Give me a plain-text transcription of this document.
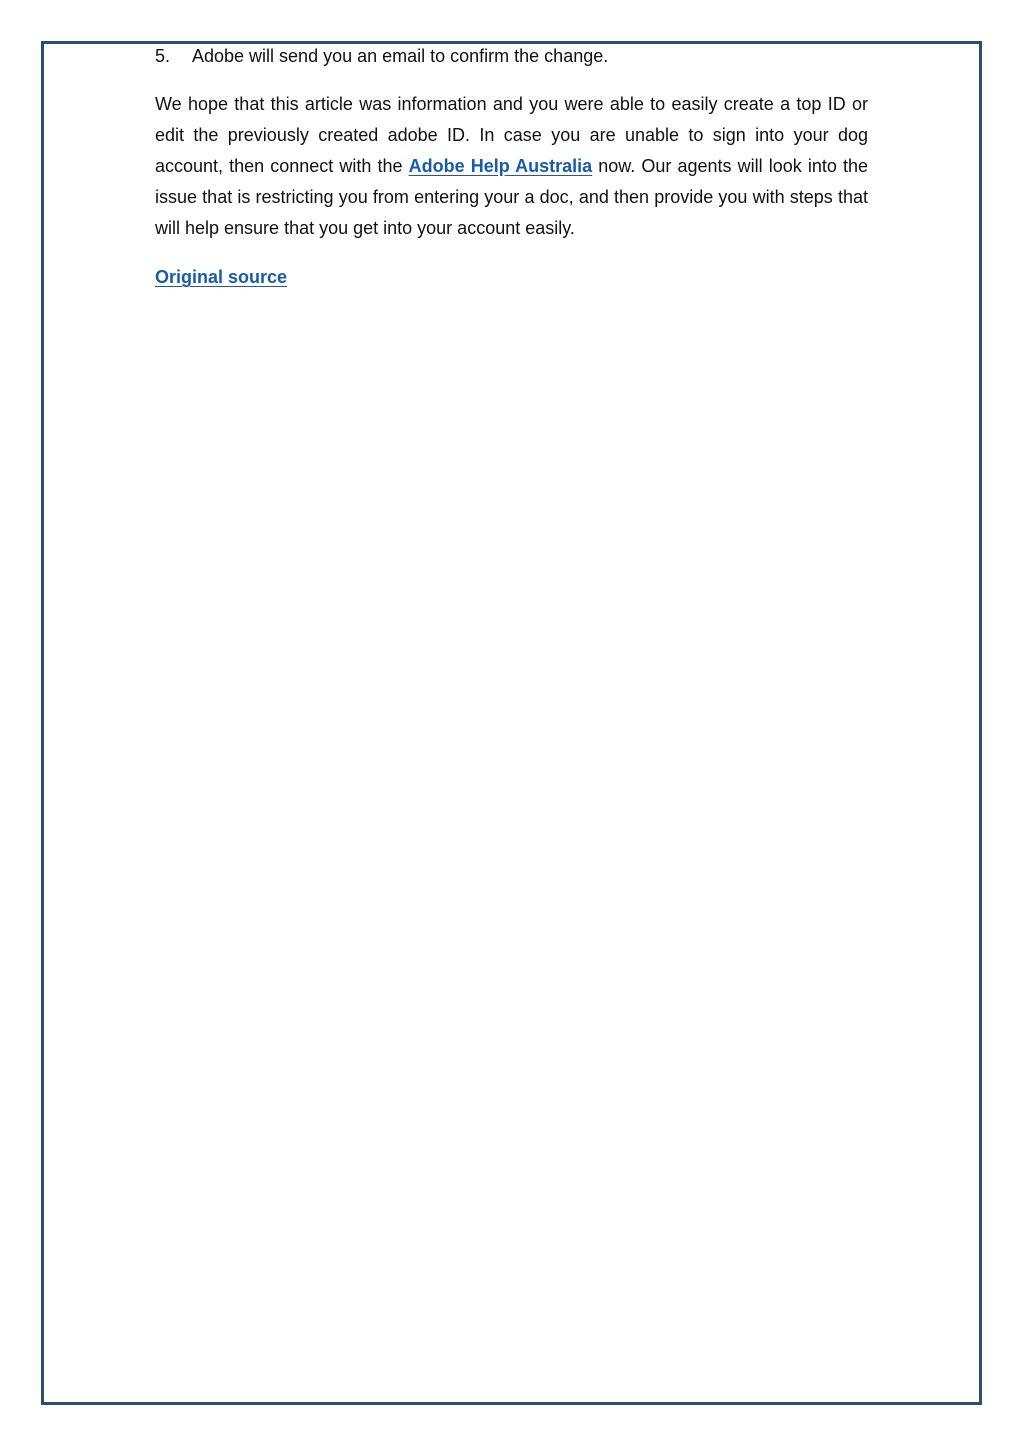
5.	Adobe will send you an email to confirm the change.

We hope that this article was information and you were able to easily create a top ID or edit the previously created adobe ID. In case you are unable to sign into your dog account, then connect with the Adobe Help Australia now. Our agents will look into the issue that is restricting you from entering your a doc, and then provide you with steps that will help ensure that you get into your account easily.

Original source
